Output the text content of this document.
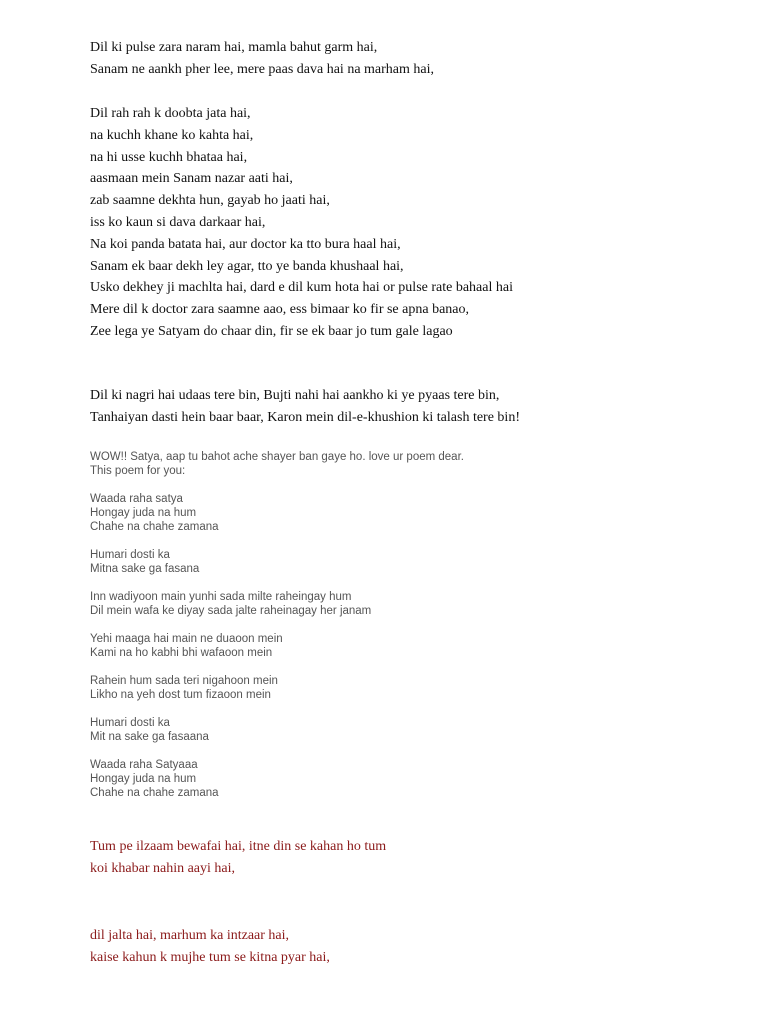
Dil ki pulse zara naram hai, mamla bahut garm hai,
Sanam ne aankh pher lee, mere paas dava hai na marham hai,
Dil rah rah k doobta jata hai,
na kuchh khane ko kahta hai,
na hi usse kuchh bhataa hai,
aasmaan mein Sanam nazar aati hai,
zab saamne dekhta hun, gayab ho jaati hai,
iss ko kaun si dava darkaar hai,
Na koi panda batata hai, aur doctor ka tto bura haal hai,
Sanam ek baar dekh ley agar, tto ye banda khushaal hai,
Usko dekhey ji machlta hai, dard e dil kum hota hai or pulse rate bahaal hai
Mere dil k doctor zara saamne aao, ess bimaar ko fir se apna banao,
Zee lega ye Satyam do chaar din, fir se ek baar jo tum gale lagao
Dil ki nagri hai udaas tere bin, Bujti nahi hai aankho ki ye pyaas tere bin,
Tanhaiyan dasti hein baar baar, Karon mein dil-e-khushion ki talash tere bin!
WOW!! Satya, aap tu bahot ache shayer ban gaye ho. love ur poem dear.
This poem for you:
Waada raha satya
Hongay juda na hum
Chahe na chahe zamana
Humari dosti ka
Mitna sake ga fasana
Inn wadiyoon main yunhi sada milte raheingay hum
Dil mein wafa ke diyay sada jalte raheinagay her janam
Yehi maaga hai main ne duaoon mein
Kami na ho kabhi bhi wafaoon mein
Rahein hum sada teri nigahoon mein
Likho na yeh dost tum fizaoon mein
Humari dosti ka
Mit na sake ga fasaana
Waada raha Satyaaa
Hongay juda na hum
Chahe na chahe zamana
Tum pe ilzaam bewafai hai, itne din se kahan ho tum
koi khabar nahin aayi hai,
dil jalta hai, marhum ka intzaar hai,
kaise kahun k mujhe tum se kitna pyar hai,
